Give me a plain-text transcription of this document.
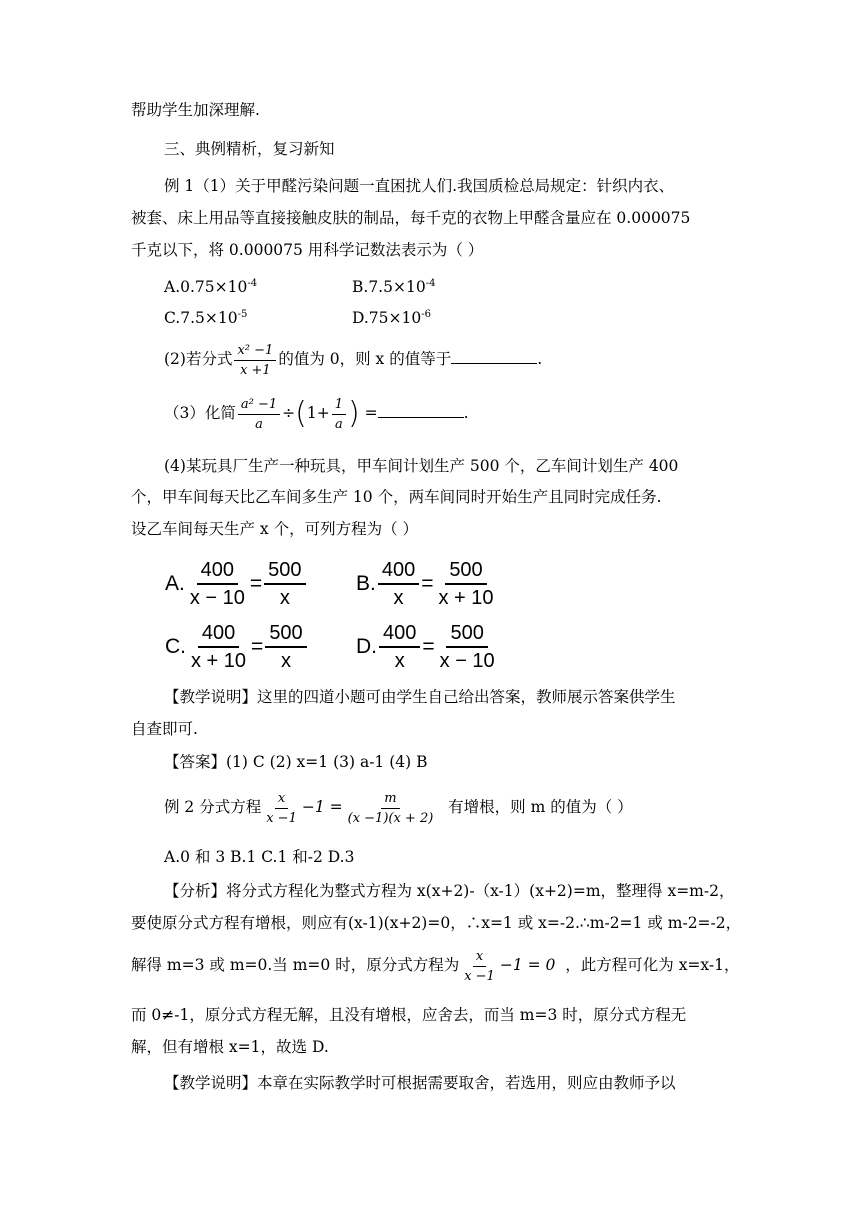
帮助学生加深理解.
三、典例精析，复习新知
例 1（1）关于甲醛污染问题一直困扰人们.我国质检总局规定：针织内衣、
被套、床上用品等直接接触皮肤的制品，每千克的衣物上甲醛含量应在 0.000075
千克以下，将 0.000075 用科学记数法表示为（ ）
$A.0.75\times 10^{-4}$	$B.7.5\times 10^{-4}$
$C.7.5\times 10^{-5}$	$D.75\times 10^{-6}$
(2)若分式 $\frac{\text{x² −1}}{x +1}$ 的值为 0，则 x 的值等于	.
（3）化简 $\frac{\text{a² −1}}{a} \div(1+ \frac{1}{a}$ ) =	.
(4)某玩具厂生产一种玩具，甲车间计划生产 500 个，乙车间计划生产 400
个，甲车间每天比乙车间多生产 10 个，两车间同时开始生产且同时完成任务.
设乙车间每天生产 x 个，可列方程为（ ）
A. $\frac{400}{x - 10} = \frac{500}{x} B$. $\frac{400}{x} = \frac{500}{x + 10}$
C. $\frac{400}{x + 10} = \frac{500}{x} D$. $\frac{400}{x} = \frac{500}{x - 10}$
【教学说明】这里的四道小题可由学生自己给出答案，教师展示答案供学生
自查即可.
【答案】(1) C (2) x=1 (3) a-1 (4) B
例 2 分式方程 $\frac{x}{x -1} -1 = \frac{m}{(x -1)(x + 2)}$ 有增根，则 m 的值为（ ）
A.0 和 3 B.1 C.1 和-2 D.3
【分析】将分式方程化为整式方程为 x(x+2)-（x-1）(x+2)=m，整理得 x=m-2，
要使原分式方程有增根，则应有(x-1)(x+2)=0，∴x=1 或 x=-2.∴m-2=1 或 m-2=-2，
解得 m=3 或 m=0.当 m=0 时，原分式方程为 $\frac{x}{x -1} -1 = 0$ ，此方程可化为 x=x-1，
而 0≠-1，原分式方程无解，且没有增根，应舍去，而当 m=3 时，原分式方程无
解，但有增根 x=1，故选 D.
【教学说明】本章在实际教学时可根据需要取舍，若选用，则应由教师予以
